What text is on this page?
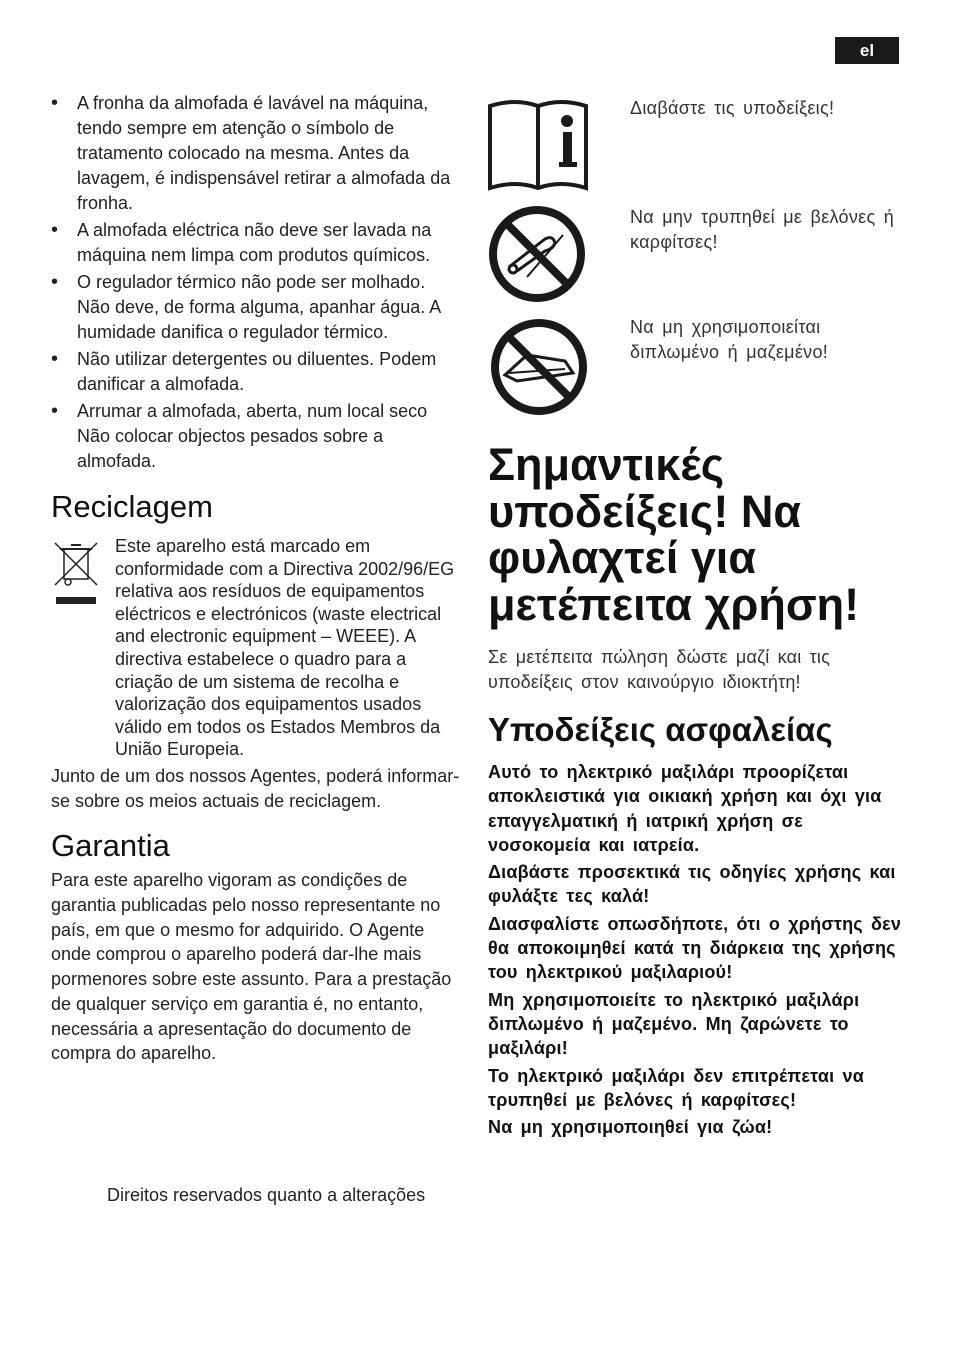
el
• A fronha da almofada é lavável na máquina, tendo sempre em atenção o símbolo de tratamento colocado na mesma. Antes da lavagem, é indispensável retirar a almofada da fronha.
• A almofada eléctrica não deve ser lavada na máquina nem limpa com produtos químicos.
• O regulador térmico não pode ser molhado. Não deve, de forma alguma, apanhar água. A humidade danifica o regulador térmico.
• Não utilizar detergentes ou diluentes. Podem danificar a almofada.
• Arrumar a almofada, aberta, num local seco Não colocar objectos pesados sobre a almofada.
Reciclagem
Este aparelho está marcado em conformidade com a Directiva 2002/96/EG relativa aos resíduos de equipamentos eléctricos e electrónicos (waste electrical and electronic equipment – WEEE). A directiva estabelece o quadro para a criação de um sistema de recolha e valorização dos equipamentos usados válido em todos os Estados Membros da União Europeia.

Junto de um dos nossos Agentes, poderá informar-se sobre os meios actuais de reciclagem.

Garantia

Para este aparelho vigoram as condições de garantia publicadas pelo nosso representante no país, em que o mesmo for adquirido. O Agente onde comprou o aparelho poderá dar-lhe mais pormenores sobre este assunto. Para a prestação de qualquer serviço em garantia é, no entanto, necessária a apresentação do documento de compra do aparelho.

Direitos reservados quanto a alterações
Διαβάστε τις υποδείξεις!
Να μην τρυπηθεί με βελόνες ή καρφίτσες!
Να μη χρησιμοποιείται διπλωμένο ή μαζεμένο!
Σημαντικές υποδείξεις! Να φυλαχτεί για μετέπειτα χρήση!
Σε μετέπειτα πώληση δώστε μαζί και τις υποδείξεις στον καινούργιο ιδιοκτήτη!
Υποδείξεις ασφαλείας

Αυτό το ηλεκτρικό μαξιλάρι προορίζεται αποκλειστικά για οικιακή χρήση και όχι για επαγγελματική ή ιατρική χρήση σε νοσοκομεία και ιατρεία.

Διαβάστε προσεκτικά τις οδηγίες χρήσης και φυλάξτε τες καλά!

Διασφαλίστε οπωσδήποτε, ότι ο χρήστης δεν θα αποκοιμηθεί κατά τη διάρκεια της χρήσης του ηλεκτρικού μαξιλαριού!

Μη χρησιμοποιείτε το ηλεκτρικό μαξιλάρι διπλωμένο ή μαζεμένο. Μη ζαρώνετε το μαξιλάρι!

Το ηλεκτρικό μαξιλάρι δεν επιτρέπεται να τρυπηθεί με βελόνες ή καρφίτσες!

Να μη χρησιμοποιηθεί για ζώα!
